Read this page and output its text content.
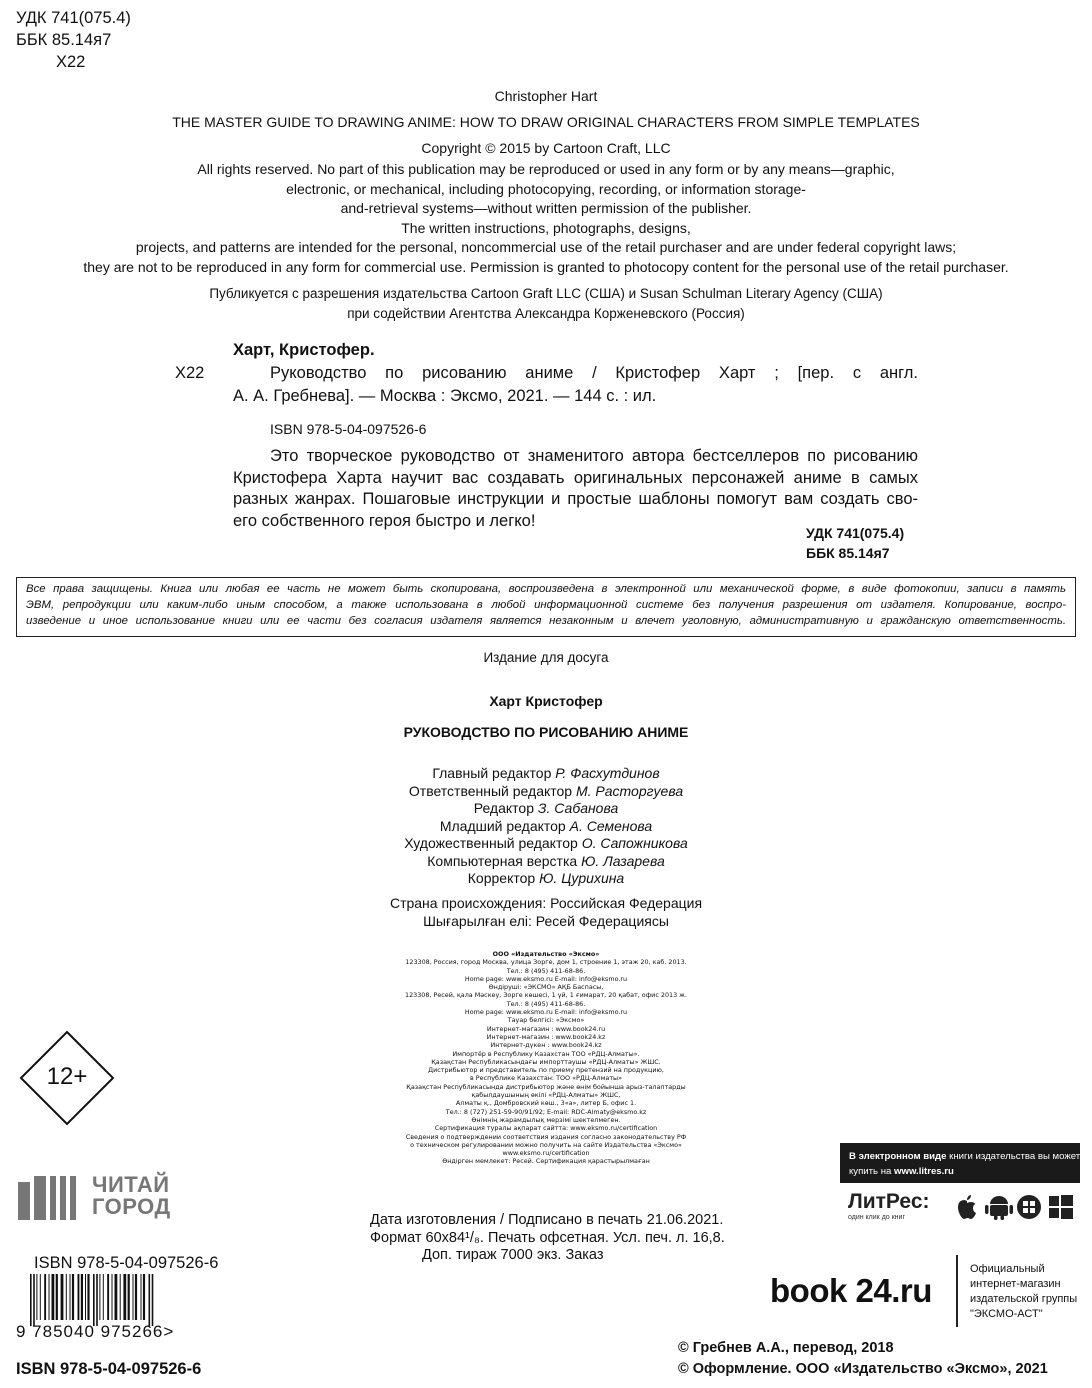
УДК 741(075.4)
ББК 85.14я7
Х22
Christopher Hart
THE MASTER GUIDE TO DRAWING ANIME: HOW TO DRAW ORIGINAL CHARACTERS FROM SIMPLE TEMPLATES
Copyright © 2015 by Cartoon Craft, LLC
All rights reserved. No part of this publication may be reproduced or used in any form or by any means—graphic,
electronic, or mechanical, including photocopying, recording, or information storage-
and-retrieval systems—without written permission of the publisher.
The written instructions, photographs, designs,
projects, and patterns are intended for the personal, noncommercial use of the retail purchaser and are under federal copyright laws;
they are not to be reproduced in any form for commercial use. Permission is granted to photocopy content for the personal use of the retail purchaser.
Публикуется с разрешения издательства Cartoon Graft LLC (США) и Susan Schulman Literary Agency (США)
при содействии Агентства Александра Корженевского (Россия)
Харт, Кристофер.
Х22	Руководство по рисованию аниме / Кристофер Харт ; [пер. с англ.
А. А. Гребнева]. — Москва : Эксмо, 2021. — 144 с. : ил.
ISBN 978-5-04-097526-6
Это творческое руководство от знаменитого автора бестселлеров по рисованию
Кристофера Харта научит вас создавать оригинальных персонажей аниме в самых
разных жанрах. Пошаговые инструкции и простые шаблоны помогут вам создать сво-
его собственного героя быстро и легко!
УДК 741(075.4)
ББК 85.14я7
Все права защищены. Книга или любая ее часть не может быть скопирована, воспроизведена в электронной или механической форме, в виде фотокопии, записи в память
ЭВМ, репродукции или каким-либо иным способом, а также использована в любой информационной системе без получения разрешения от издателя. Копирование, воспро-
изведение и иное использование книги или ее части без согласия издателя является незаконным и влечет уголовную, административную и гражданскую ответственность.
Издание для досуга
Харт Кристофер
РУКОВОДСТВО ПО РИСОВАНИЮ АНИМЕ
Главный редактор Р. Фасхутдинов
Ответственный редактор М. Расторгуева
Редактор З. Сабанова
Младший редактор А. Семенова
Художественный редактор О. Сапожникова
Компьютерная верстка Ю. Лазарева
Корректор Ю. Цурихина
Страна происхождения: Российская Федерация
Шығарылған елі: Ресей Федерациясы
ООО «Издательство «Эксмо»
123308, Россия, город Москва, улица Зорге, дом 1, строение 1, этаж 20, каб. 2013.
Тел.: 8 (495) 411-68-86.
Home page: www.eksmo.ru E-mail: info@eksmo.ru
Өндіруші: «ЭКСМО» АҚБ Баспасы,
123308, Ресей, қала Мәскеу, Зорге көшесі, 1 үй, 1 ғимарат, 20 қабат, офис 2013 ж.
Тел.: 8 (495) 411-68-86.
Home page: www.eksmo.ru E-mail: info@eksmo.ru
Тауар белгісі: «Эксмо»
Интернет-магазин : www.book24.ru
Интернет-магазин : www.book24.kz
Интернет-дүкен : www.book24.kz
Импортёр в Республику Казахстан ТОО «РДЦ-Алматы».
Қазақстан Республикасындағы импорттаушы «РДЦ-Алматы» ЖШС.
Дистрибьютор и представитель по приему претензий на продукцию,
в Республике Казахстан: ТОО «РДЦ-Алматы»
Қазақстан Республикасында дистрибьютор және өнім бойынша арыз-талаптарды
қабылдаушының өкілі «РДЦ-Алматы» ЖШС,
Алматы қ., Домбровский көш., 3«а», литер Б, офис 1.
Тел.: 8 (727) 251-59-90/91/92; E-mail: RDC-Almaty@eksmo.kz
Өнімнің жарамдылық мерзімі шектелмеген.
Сертификация туралы ақпарат сайтта: www.eksmo.ru/certification
Сведения о подтверждении соответствия издания согласно законодательству РФ
о техническом регулировании можно получить на сайте Издательства «Эксмо»
www.eksmo.ru/certification
Өндірген мемлекет: Ресей. Сертификация қарастырылмаған
12+
ЧИТАЙ
ГОРОД
Дата изготовления / Подписано в печать 21.06.2021.
Формат 60x84¹/₈. Печать офсетная. Усл. печ. л. 16,8.
Доп. тираж 7000 экз. Заказ
В электронном виде книги издательства вы можете
купить на www.litres.ru
ЛитРес:
один клик до книг
ISBN 978-5-04-097526-6
9 785040 975266>
ISBN 978-5-04-097526-6
book 24.ru
Официальный
интернет-магазин
издательской группы
"ЭКСМО-АСТ"
© Гребнев А.А., перевод, 2018
© Оформление. ООО «Издательство «Эксмо», 2021
